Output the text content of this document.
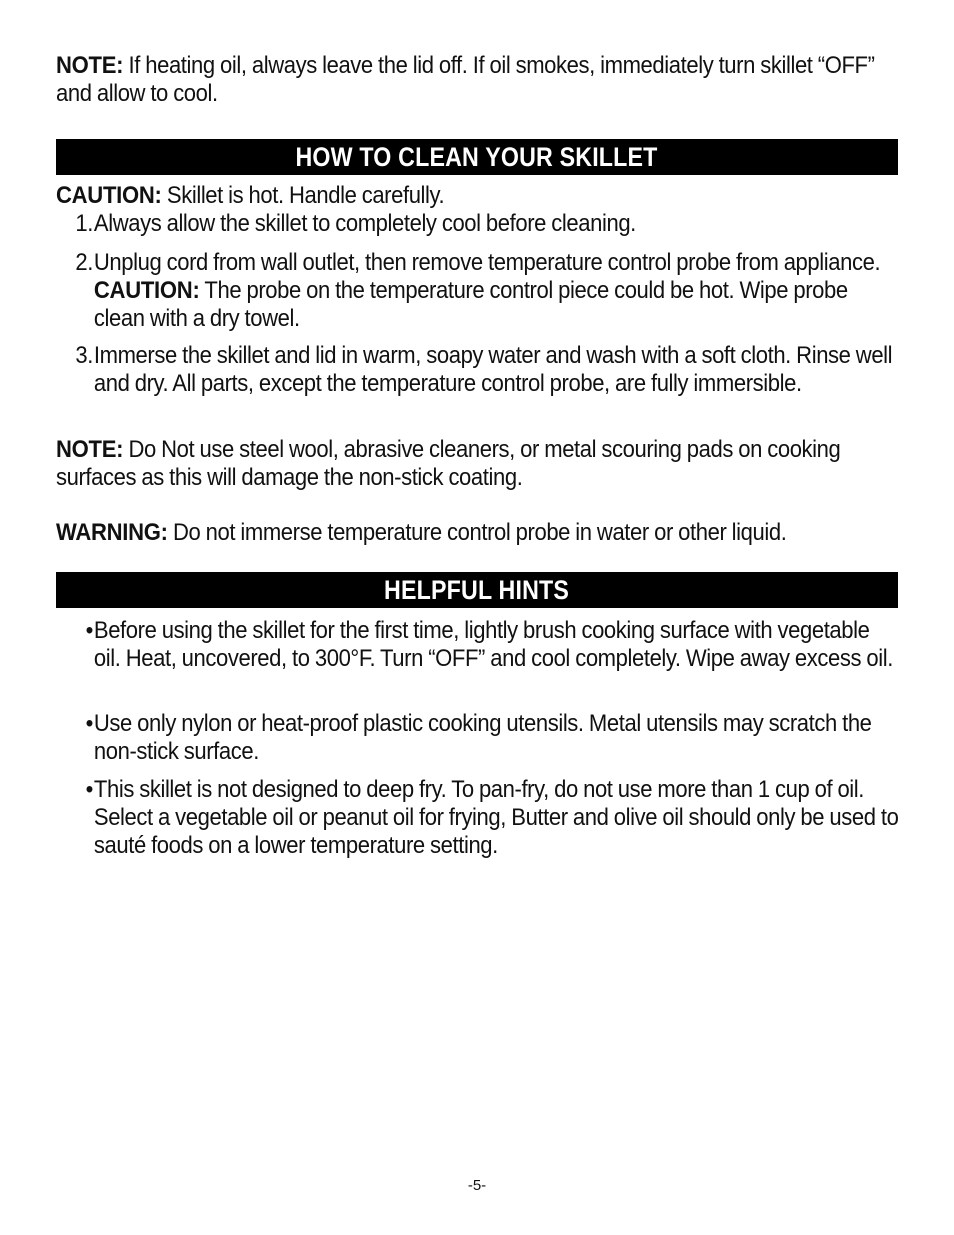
NOTE: If heating oil, always leave the lid off. If oil smokes, immediately turn skillet “OFF” and allow to cool.

HOW TO CLEAN YOUR SKILLET

CAUTION: Skillet is hot. Handle carefully.

1. Always allow the skillet to completely cool before cleaning.
2. Unplug cord from wall outlet, then remove temperature control probe from appliance. CAUTION: The probe on the temperature control piece could be hot. Wipe probe clean with a dry towel.
3. Immerse the skillet and lid in warm, soapy water and wash with a soft cloth. Rinse well and dry. All parts, except the temperature control probe, are fully immersible.

NOTE: Do Not use steel wool, abrasive cleaners, or metal scouring pads on cooking surfaces as this will damage the non-stick coating.

WARNING: Do not immerse temperature control probe in water or other liquid.

HELPFUL HINTS
• Before using the skillet for the first time, lightly brush cooking surface with vegetable oil. Heat, uncovered, to 300°F. Turn “OFF” and cool completely. Wipe away excess oil.
• Use only nylon or heat-proof plastic cooking utensils. Metal utensils may scratch the non-stick surface.
• This skillet is not designed to deep fry. To pan-fry, do not use more than 1 cup of oil. Select a vegetable oil or peanut oil for frying, Butter and olive oil should only be used to sauté foods on a lower temperature setting.
-5-
